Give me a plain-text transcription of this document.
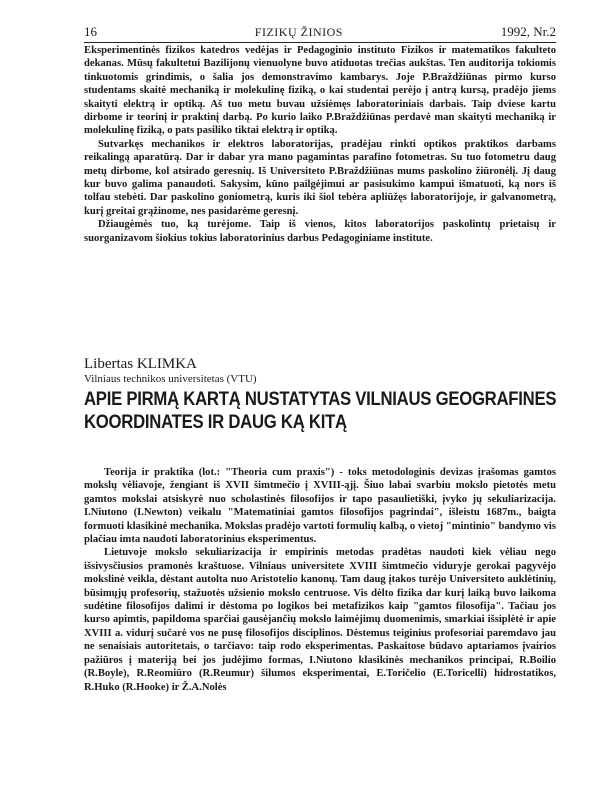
16	FIZIKŲ ŽINIOS	1992, Nr.2

Eksperimentinės fizikos katedros vedėjas ir Pedagoginio instituto Fizikos ir matematikos fakulteto dekanas. Mūsų fakultetui Bazilijonų vienuolyne buvo atiduotas trečias aukštas. Ten auditorija tokiomis tinkuotomis grindimis, o šalia jos demonstravimo kambarys. Joje P.Braždžiūnas pirmo kurso studentams skaitė mechaniką ir molekulinę fiziką, o kai studentai perėjo į antrą kursą, pradėjo jiems skaityti elektrą ir optiką. Aš tuo metu buvau užsiėmęs laboratoriniais darbais. Taip dviese kartu dirbome ir teorinį ir praktinį darbą. Po kurio laiko P.Braždžiūnas perdavė man skaityti mechaniką ir molekulinę fiziką, o pats pasiliko tiktai elektrą ir optiką.

Sutvarkęs mechanikos ir elektros laboratorijas, pradėjau rinkti optikos praktikos darbams reikalingą aparatūrą. Dar ir dabar yra mano pagamintas parafino fotometras. Su tuo fotometru daug metų dirbome, kol atsirado geresnių. Iš Universiteto P.Braždžiūnas mums paskolino žiūronėlį. Jį daug kur buvo galima panaudoti. Sakysim, kūno pailgėjimui ar pasisukimo kampui išmatuoti, ką nors iš tolfau stebėti. Dar paskolino goniometrą, kuris iki šiol tebėra apliūžęs laboratorijoje, ir galvanometrą, kurį greitai grąžinome, nes pasidarėme geresnį.

Džiaugėmės tuo, ką turėjome. Taip iš vienos, kitos laboratorijos paskolintų prietaisų ir suorganizavom šiokius tokius laboratorinius darbus Pedagoginiame institute.

Libertas KLIMKA
Vilniaus technikos universitetas (VTU)
APIE PIRMĄ KARTĄ NUSTATYTAS VILNIAUS GEOGRAFINES KOORDINATES IR DAUG KĄ KITĄ

Teorija ir praktika (lot.: "Theoria cum praxis") - toks metodologinis devizas įrašomas gamtos mokslų vėliavoje, žengiant iš XVII šimtmečio į XVIII-ąjį. Šiuo labai svarbiu mokslo pietotės metu gamtos mokslai atsiskyrė nuo scholastinės filosofijos ir tapo pasaulietiški, įvyko jų sekuliarizacija. I.Niutono (I.Newton) veikalu "Matematiniai gamtos filosofijos pagrindai", išleistu 1687m., baigta formuoti klasikinė mechanika. Mokslas pradėjo vartoti formulių kalbą, o vietoj "mintinio" bandymo vis plačiau imta naudoti laboratorinius eksperimentus.

Lietuvoje mokslo sekuliarizacija ir empirinis metodas pradėtas naudoti kiek vėliau nego išsivysčiusios pramonės kraštuose. Vilniaus universitete XVIII šimtmečio viduryje gerokai pagyvėjo mokslinė veikla, dėstant autolta nuo Aristotelio kanonų. Tam daug įtakos turėjo Universiteto auklėtinių, būsimųjų profesorių, stažuotės užsienio mokslo centruose. Vis dėlto fizika dar kurį laiką buvo laikoma sudėtine filosofijos dalimi ir dėstoma po logikos bei metafizikos kaip "gamtos filosofija". Tačiau jos kurso apimtis, papildoma sparčiai gausėjančių mokslo laimėjimų duomenimis, smarkiai išsiplėtė ir apie XVIII a. vidurį sučarė vos ne pusę filosofijos disciplinos. Dėstemus teiginius profesoriai paremdavo jau ne senaisiais autoritetais, o tarčiavo: taip rodo eksperimentas. Paskaitose būdavo aptariamos įvairios pažiūros į materiją bei jos judėjimo formas, I.Niutono klasikinės mechanikos principai, R.Boilio (R.Boyle), R.Reomiūro (R.Reumur) šilumos eksperimentai, E.Toričelio (E.Toricelli) hidrostatikos, R.Huko (R.Hooke) ir Ž.A.Nolės
